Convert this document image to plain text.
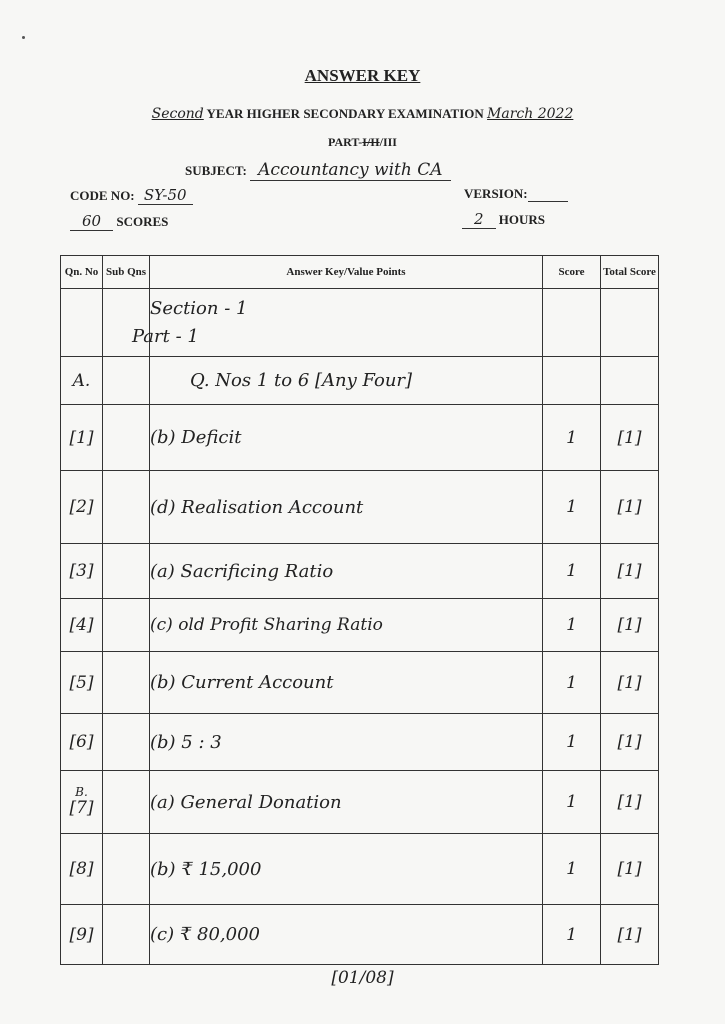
ANSWER KEY
Second YEAR HIGHER SECONDARY EXAMINATION March 2022
PART-I/II/III
SUBJECT: Accountancy with CA
CODE NO: SY-50	VERSION:
60 SCORES	2 HOURS
Qn. No	Sub Qns	Answer Key/Value Points	Score	Total Score

		Section - 1
Part - 1		

A.		Q. Nos 1 to 6 [Any Four]		
[1]		(b) Deficit	1	[1]
[2]		(d) Realisation Account	1	[1]
[3]		(a) Sacrificing Ratio	1	[1]
[4]		(c) old Profit Sharing Ratio	1	[1]
[5]		(b) Current Account	1	[1]
[6]		(b) 5 : 3	1	[1]

B.
[7]		(a) General Donation	1	[1]
[8]		(b) ₹ 15,000	1	[1]
[9]		(c) ₹ 80,000	1	[1]
[01/08]
